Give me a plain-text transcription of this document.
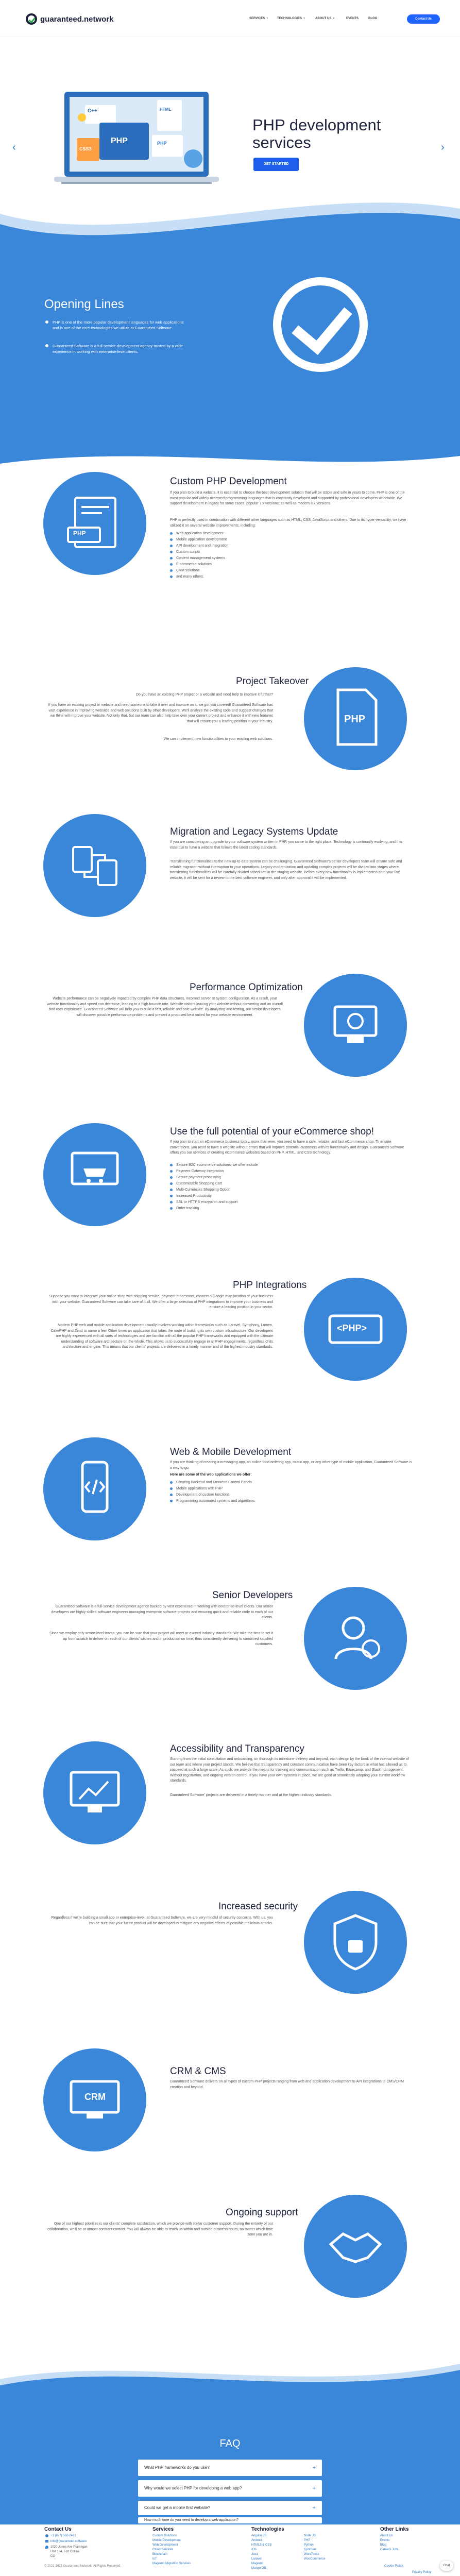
guaranteed.network	SERVICES ▼	TECHNOLOGIES ▼	ABOUT US ▼	EVENTS	BLOG	Contact Us
‹	›
C++	HTML
PHP
CSS3
PHP
PHP development services
GET STARTED
Opening Lines
PHP is one of the more popular development languages for web applications and is one of the core technologies we utilize at Guaranteed Software.
Guaranteed Software is a full-service development agency trusted by a wide experience in working with enterprise-level clients.
PHP
Custom PHP Development
If you plan to build a website, it is essential to choose the best development solution that will be stable and safe in years to come. PHP is one of the most popular and widely accepted programming languages that is constantly developed and supported by professional developers worldwide. We support development in legacy for some cases; popular 7.x versions; as well as modern 8.x versions.
PHP is perfectly used in combination with different other languages such as HTML, CSS, JavaScript and others. Due to its hyper-versatility, we have utilized it on several website improvements, including:
Web application development
Mobile application development
API development and integration
Custom scripts
Content management systems
E-commerce solutions
CRM solutions
and many others.
Project Takeover
Do you have an existing PHP project or a website and need help to improve it further?
If you have an existing project or website and need someone to take it over and improve on it, we got you covered! Guaranteed Software has vast experience in improving websites and web solutions built by other developers. We'll analyze the existing code and suggest changes that we think will improve your website. Not only that, but our team can also help take over your current project and enhance it with new features that will ensure you a leading position in your industry.
We can implement new functionalities to your existing web solutions.
PHP
Migration and Legacy Systems Update
If you are considering an upgrade to your software system written in PHP, you came to the right place. Technology is continually evolving, and it is essential to have a website that follows the latest coding standards.
Transitioning functionalities to the new up-to-date system can be challenging. Guaranteed Software's senior developers team will ensure safe and reliable migration without interruption to your operations. Legacy modernization and updating complex projects will be divided into stages where transferring functionalities will be carefully divided scheduled in the staging website. Before every new functionality is implemented onto your live website, it will be sent for a review to the best software engineer, and only after approval it will be implemented.
Performance Optimization
Website performance can be negatively impacted by complex PHP data structures, incorrect server or system configuration. As a result, your website functionality and speed can decrease, leading to a high bounce rate. Website visitors leaving your website without converting and an overall bad user experience. Guaranteed Software will help you to build a fast, reliable and safe website. By analyzing and testing, our senior developers will discover possible performance problems and present a proposed best suited for your website environment.
Use the full potential of your eCommerce shop!
If you plan to start an eCommerce business today, more than ever, you need to have a safe, reliable, and fast eCommerce shop. To ensure conversions, you need to have a website without errors that will improve potential customers with its functionality and design. Guaranteed Software offers you our services of creating eCommerce websites based on PHP, HTML, and CSS technology.
Secure B2C ecommerce solutions, we offer include
Payment Gateway Integration
Secure payment processing
Customizable Shopping Cart
Multi-Currencies Shopping Option
Increased Productivity
SSL or HTTPS encryption and support
Order tracking
PHP Integrations
Suppose you want to integrate your online shop with shipping service, payment processors, connect a Google map location of your business with your website. Guaranteed Software can take care of it all. We offer a large selection of PHP integrations to improve your business and ensure a leading position in your sector.
Modern PHP web and mobile application development usually involves working within frameworks such as Laravel, Symphony, Lumen, CakePHP and Zend to name a few. Other times an application that takes the route of building its own custom infrastructure. Our developers are highly experienced with all sorts of technologies and are familiar with all the popular PHP frameworks and equipped with the ultimate understanding of software architecture on the whole. This allows us to successfully engage in all PHP engagements, regardless of its architecture and engine. This means that our clients' projects are delivered in a timely manner and of the highest industry standards.
<PHP>
Web & Mobile Development
If you are thinking of creating a messaging app, an online food ordering app, music app, or any other type of mobile application, Guaranteed Software is a way to go.
Here are some of the web applications we offer:
Creating Backend and Frontend Control Panels
Mobile applications with PHP
Development of custom functions
Programming automated systems and algorithms
Senior Developers
Guaranteed Software is a full-service development agency backed by vast experience in working with enterprise-level clients. Our senior developers are highly skilled software engineers managing enterprise software projects and ensuring quick and reliable code to each of our clients.
Since we employ only senior-level teams, you can be sure that your project will meet or exceed industry standards. We take the time to set it up from scratch to deliver on each of our clients' wishes and in production on time, thus consistently delivering to combined satisfied customers.
Accessibility and Transparency
Starting from the initial consultation and onboarding, on thorough its milestone delivery and beyond, each design by the book of the internal website of our team and where your project stands. We believe that transparency and constant communication have been key factors in what has allowed us to succeed at such a large scale. As such, we provide the means for tracking and communication such as Trello, Basecamp, and Slack management. Without registration, and ongoing version control. If you have your own systems in place, we are good at seamlessly adopting your current workflow standards.
Guaranteed Software' projects are delivered in a timely manner and at the highest industry standards.
Increased security
Regardless if we're building a small app or enterprise-level, at Guaranteed Software, we are very mindful of security concerns. With us, you can be sure that your future product will be developed to mitigate any negative effects of possible malicious attacks.
CRM
CRM & CMS
Guaranteed Software delivers on all types of custom PHP projects ranging from web and application development to API integrations to CMS/CRM creation and beyond.
Ongoing support
One of our highest priorities is our clients' complete satisfaction, which we provide with stellar customer support. During the entirety of our collaboration, we'll be at utmost constant contact. You will always be able to reach us within and outside business hours, no matter which time zone you are in.
FAQ
What PHP frameworks do you use?	+
Why would we select PHP for developing a web app?	+
Could we get a mobile first website?	+
How much time do you need to develop a web application?
Contact Us
+1 (877) 562-2461
info@guaranteed.software
1020 Jones Ave Ptarmigan
Unit 104, Fort Collins
CO
Services
Custom Solutions
Mobile Development
Web Development
Cloud Services
Blockchain
IoT
Magento Migration Services
Technologies
Angular JS
Android
HTML5 & CSS
iOS
Java
Laravel
Magento
Mango DB
Node JS
PHP
Python
SpotBee
WordPress
WooCommerce
Other Links
About Us
Events
Blog
Careers Jobs
© 2022-2023 Guaranteed Network. All Rights Reserved.	Cookie Policy
Privacy Policy
Chat
